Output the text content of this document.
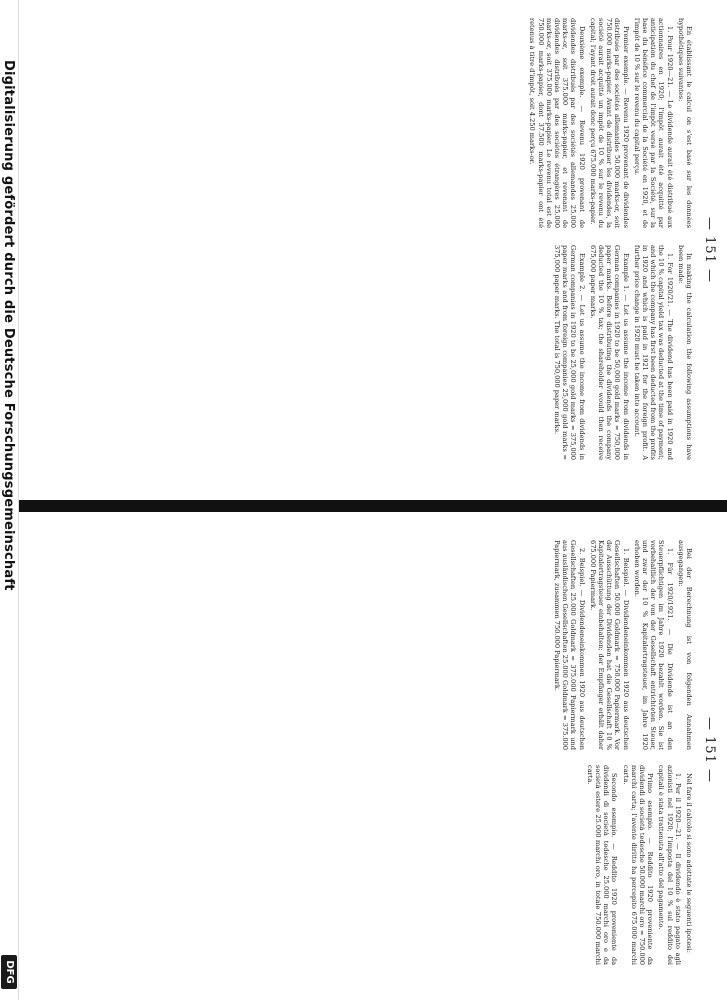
— 151 —

En établissant le calcul on s'est basé sur les données hypothétiques suivantes:

1. Pour 1920—21. — Le dividende aurait été distribué aux actionnaires en 1920; l'impôt aurait été acquitté par anticipation du chef de l'impôt versé par la Société, sur la base du bénéfice commercial de la Société en 1920, et de l'impôt de 10 % sur le revenu du capital perçu.

Premier exemple. — Revenu 1920 provenant de dividendes distribués par des sociétés allemandes 50.000 marks-or, soit 750.000 marks-papier. Avant de distribuer les dividendes, la société aurait acquitté un impôt de 10 % sur le revenu du capital; l'ayant droit aurait donc perçu 675.000 marks-papier.

Deuxième exemple. — Revenu 1920 provenant de dividendes distribués par des sociétés allemandes 25.000 marks-or, soit 375.000 marks-papier, et revenant de dividendes distribués par des sociétés étrangères 25.000 marks-or, soit 375.000 marks-papier. Le revenu total est de 750.000 marks-papier, dont 37.500 marks-papier ont été retenus à titre d'impôt, soit 4.250 marks-or.

In making the calculation the following assumptions have been made:

1. For 1920/21. — The dividend has been paid in 1920 and the 10 % capital yield tax was deducted at the time of payment; and which the company has first been deducted from the profits in 1920 and which is paid in 1921 for the foreign profit. A further price change in 1920 must be taken into account.

Example 1. — Let us assume the income from dividends in German companies in 1920 to be 50,000 gold marks = 750,000 paper marks. Before distributing the dividends the company deducted the 10 % tax; the shareholder would then receive 675,000 paper marks.

Example 2. — Let us assume the income from dividends in German companies in 1920 to be 25,000 gold marks = 375,000 paper marks and from foreign companies 25,000 gold marks = 375,000 paper marks. The total is 750,000 paper marks.

— 151 —

Bei der Berechnung ist von folgenden Annahmen ausgegangen:

1. Für 1920/1921. — Die Dividende ist an den Steuerpflichtigen im Jahre 1920 bezahlt worden. Sie ist vorbehaltlich der von der Gesellschaft entrichteten Steuer, und zwar der 10 % Kapitalertragsteuer, im Jahre 1920 erhoben worden.

1. Beispiel. — Dividendeneinkommen 1920 aus deutschen Gesellschaften 50.000 Goldmark = 750.000 Papiermark. Vor der Ausschüttung der Dividenden hat die Gesellschaft 10 % Kapitalertragsteuer einbehalten; der Empfänger erhält daher 675.000 Papiermark.

2. Beispiel. — Dividendeneinkommen 1920 aus deutschen Gesellschaften 25.000 Goldmark = 375.000 Papiermark und aus ausländischen Gesellschaften 25.000 Goldmark = 375.000 Papiermark, zusammen 750.000 Papiermark.

Nel fare il calcolo si sono adottate le seguenti ipotesi:

1. Per il 1920—21. — Il dividendo è stato pagato agli azionisti nel 1920; l'imposta del 10 % sul reddito dei capitali è stata trattenuta all'atto del pagamento.

Primo esempio. — Reddito 1920 proveniente da dividendi di società tedesche 50.000 marchi oro = 750.000 marchi carta; l'avente diritto ha percepito 675.000 marchi carta.

Secondo esempio. — Reddito 1920 proveniente da dividendi di società tedesche 25.000 marchi oro e da società estere 25.000 marchi oro, in totale 750.000 marchi carta.

Digitalisierung gefördert durch die Deutsche Forschungsgemeinschaft
DFG
